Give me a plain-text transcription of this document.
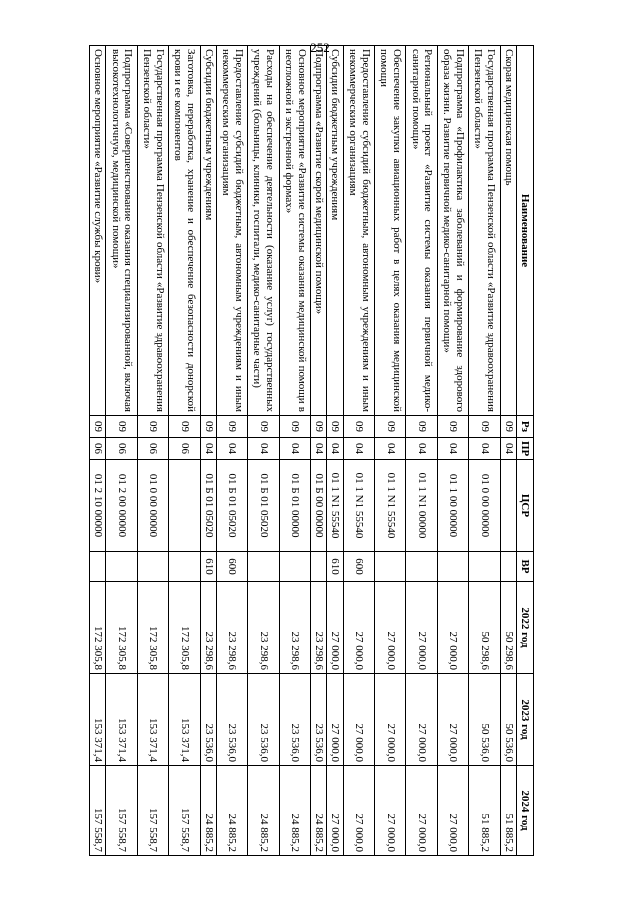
252
Наименование	Рз	ПР	ЦСР	ВР	2022 год	2023 год	2024 год
Скорая медицинская помощь	09	04			50 298,6	50 536,0	51 885,2
Государственная программа Пензенской области «Развитие здравоохранения Пензенской области»	09	04	01 0 00 00000		50 298,6	50 536,0	51 885,2
Подпрограмма «Профилактика заболеваний и формирование здорового образа жизни. Развитие первичной медико-санитарной помощи»	09	04	01 1 00 00000		27 000,0	27 000,0	27 000,0
Региональный проект «Развитие системы оказания первичной медико-санитарной помощи»	09	04	01 1 N1 00000		27 000,0	27 000,0	27 000,0
Обеспечение закупки авиационных работ в целях оказания медицинской помощи	09	04	01 1 N1 55540		27 000,0	27 000,0	27 000,0
Предоставление субсидий бюджетным, автономным учреждениям и иным некоммерческим организациям	09	04	01 1 N1 55540	600	27 000,0	27 000,0	27 000,0
Субсидии бюджетным учреждениям	09	04	01 1 N1 55540	610	27 000,0	27 000,0	27 000,0
Подпрограмма «Развитие скорой медицинской помощи»	09	04	01 Б 00 00000		23 298,6	23 536,0	24 885,2
Основное мероприятие «Развитие системы оказания медицинской помощи в неотложной и экстренной формах»	09	04	01 Б 01 00000		23 298,6	23 536,0	24 885,2
Расходы на обеспечение деятельности (оказание услуг) государственных учреждений (больницы, клиники, госпитали, медико-санитарные части)	09	04	01 Б 01 05020		23 298,6	23 536,0	24 885,2
Предоставление субсидий бюджетным, автономным учреждениям и иным некоммерческим организациям	09	04	01 Б 01 05020	600	23 298,6	23 536,0	24 885,2
Субсидии бюджетным учреждениям	09	04	01 Б 01 05020	610	23 298,6	23 536,0	24 885,2
Заготовка, переработка, хранение и обеспечение безопасности донорской крови и ее компонентов	09	06			172 305,8	153 371,4	157 558,7
Государственная программа Пензенской области «Развитие здравоохранения Пензенской области»	09	06	01 0 00 00000		172 305,8	153 371,4	157 558,7
Подпрограмма «Совершенствование оказания специализированной, включая высокотехнологичную, медицинской помощи»	09	06	01 2 00 00000		172 305,8	153 371,4	157 558,7
Основное мероприятие «Развитие службы крови»	09	06	01 2 10 00000		172 305,8	153 371,4	157 558,7
